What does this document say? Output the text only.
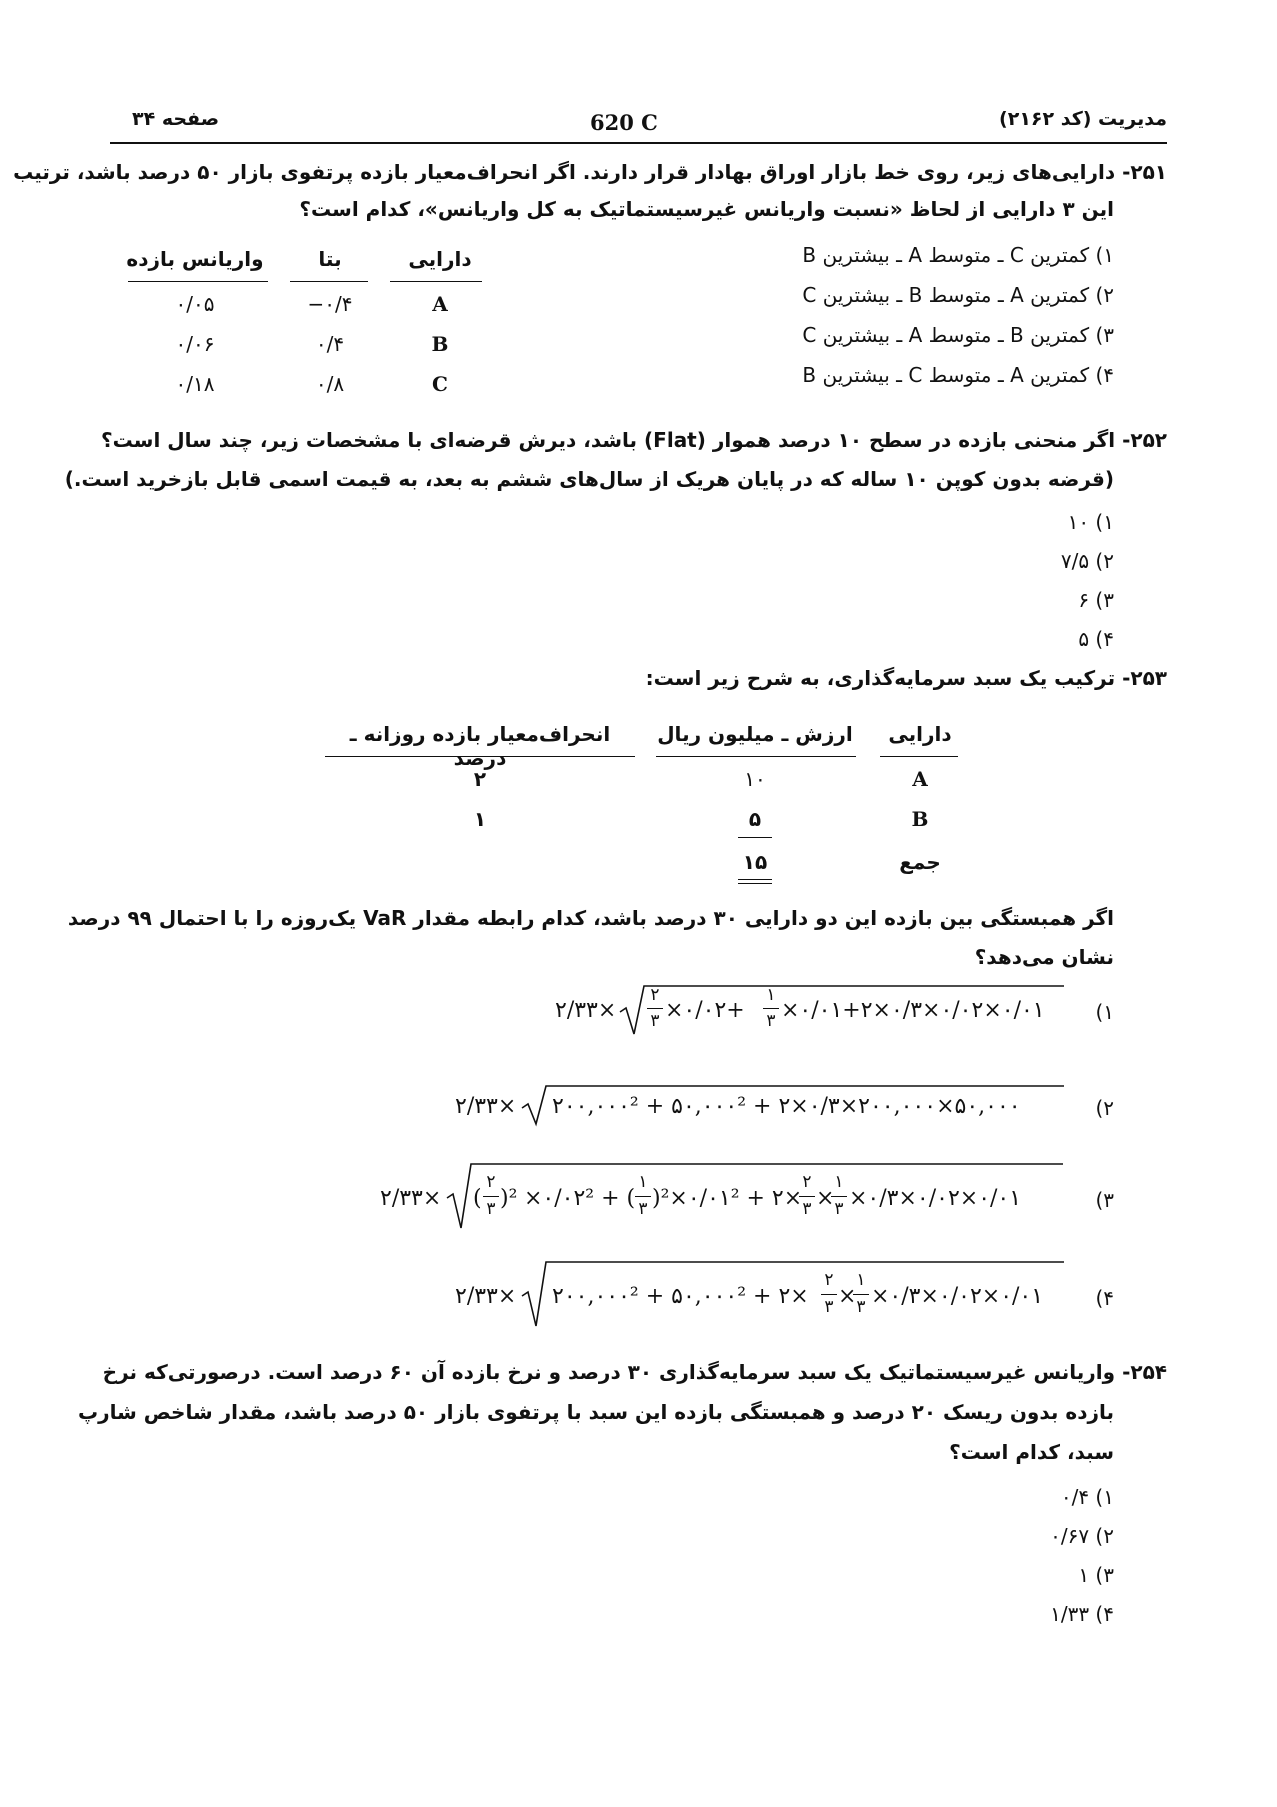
مدیریت (کد ۲۱۶۲)
620 C
صفحه ۳۴
۲۵۱- دارایی‌های زیر، روی خط بازار اوراق بهادار قرار دارند. اگر انحراف‌معیار بازده پرتفوی بازار ۵۰ درصد باشد، ترتیب
این ۳ دارایی از لحاظ «نسبت واریانس غیرسیستماتیک به کل واریانس»، کدام است؟
۱) کمترین C ـ متوسط A ـ بیشترین B
۲) کمترین A ـ متوسط B ـ بیشترین C
۳) کمترین B ـ متوسط A ـ بیشترین C
۴) کمترین A ـ متوسط C ـ بیشترین B
دارایی
بتا
واریانس بازده
A
−۰/۴
۰/۰۵
B
۰/۴
۰/۰۶
C
۰/۸
۰/۱۸
۲۵۲- اگر منحنی بازده در سطح ۱۰ درصد هموار (Flat) باشد، دیرش قرضه‌ای با مشخصات زیر، چند سال است؟
(قرضه بدون کوپن ۱۰ ساله که در پایان هریک از سال‌های ششم به بعد، به قیمت اسمی قابل بازخرید است.)
۱) ۱۰
۲) ۷/۵
۳) ۶
۴) ۵
۲۵۳- ترکیب یک سبد سرمایه‌گذاری، به شرح زیر است:
دارایی
ارزش ـ میلیون ریال
انحراف‌معیار بازده روزانه ـ درصد
A
۱۰
۲
B
۵
۱
جمع
۱۵
اگر همبستگی بین بازده این دو دارایی ۳۰ درصد باشد، کدام رابطه مقدار VaR یک‌روزه را با احتمال ۹۹ درصد
نشان می‌دهد؟
۱)
۲/۳۳×
۲
۳ ×۰/۰۲+
۱
۳ ×۰/۰۱+۲×۰/۳×۰/۰۲×۰/۰۱
۲)
۲/۳۳× ۲۰۰,۰۰۰² + ۵۰,۰۰۰² + ۲×۰/۳×۲۰۰,۰۰۰×۵۰,۰۰۰
۳)
۲/۳۳× (
۲
۳ )² ×۰/۰۲² + (
۱
۳ )²×۰/۰۱² + ۲×
۲
۳ ×
۱
۳ ×۰/۳×۰/۰۲×۰/۰۱
۴)
۲/۳۳× ۲۰۰,۰۰۰² + ۵۰,۰۰۰² + ۲×
۲
۳ ×
۱
۳ ×۰/۳×۰/۰۲×۰/۰۱
۲۵۴- واریانس غیرسیستماتیک یک سبد سرمایه‌گذاری ۳۰ درصد و نرخ بازده آن ۶۰ درصد است. درصورتی‌که نرخ
بازده بدون ریسک ۲۰ درصد و همبستگی بازده این سبد با پرتفوی بازار ۵۰ درصد باشد، مقدار شاخص شارپ
سبد، کدام است؟
۱) ۰/۴
۲) ۰/۶۷
۳) ۱
۴) ۱/۳۳
